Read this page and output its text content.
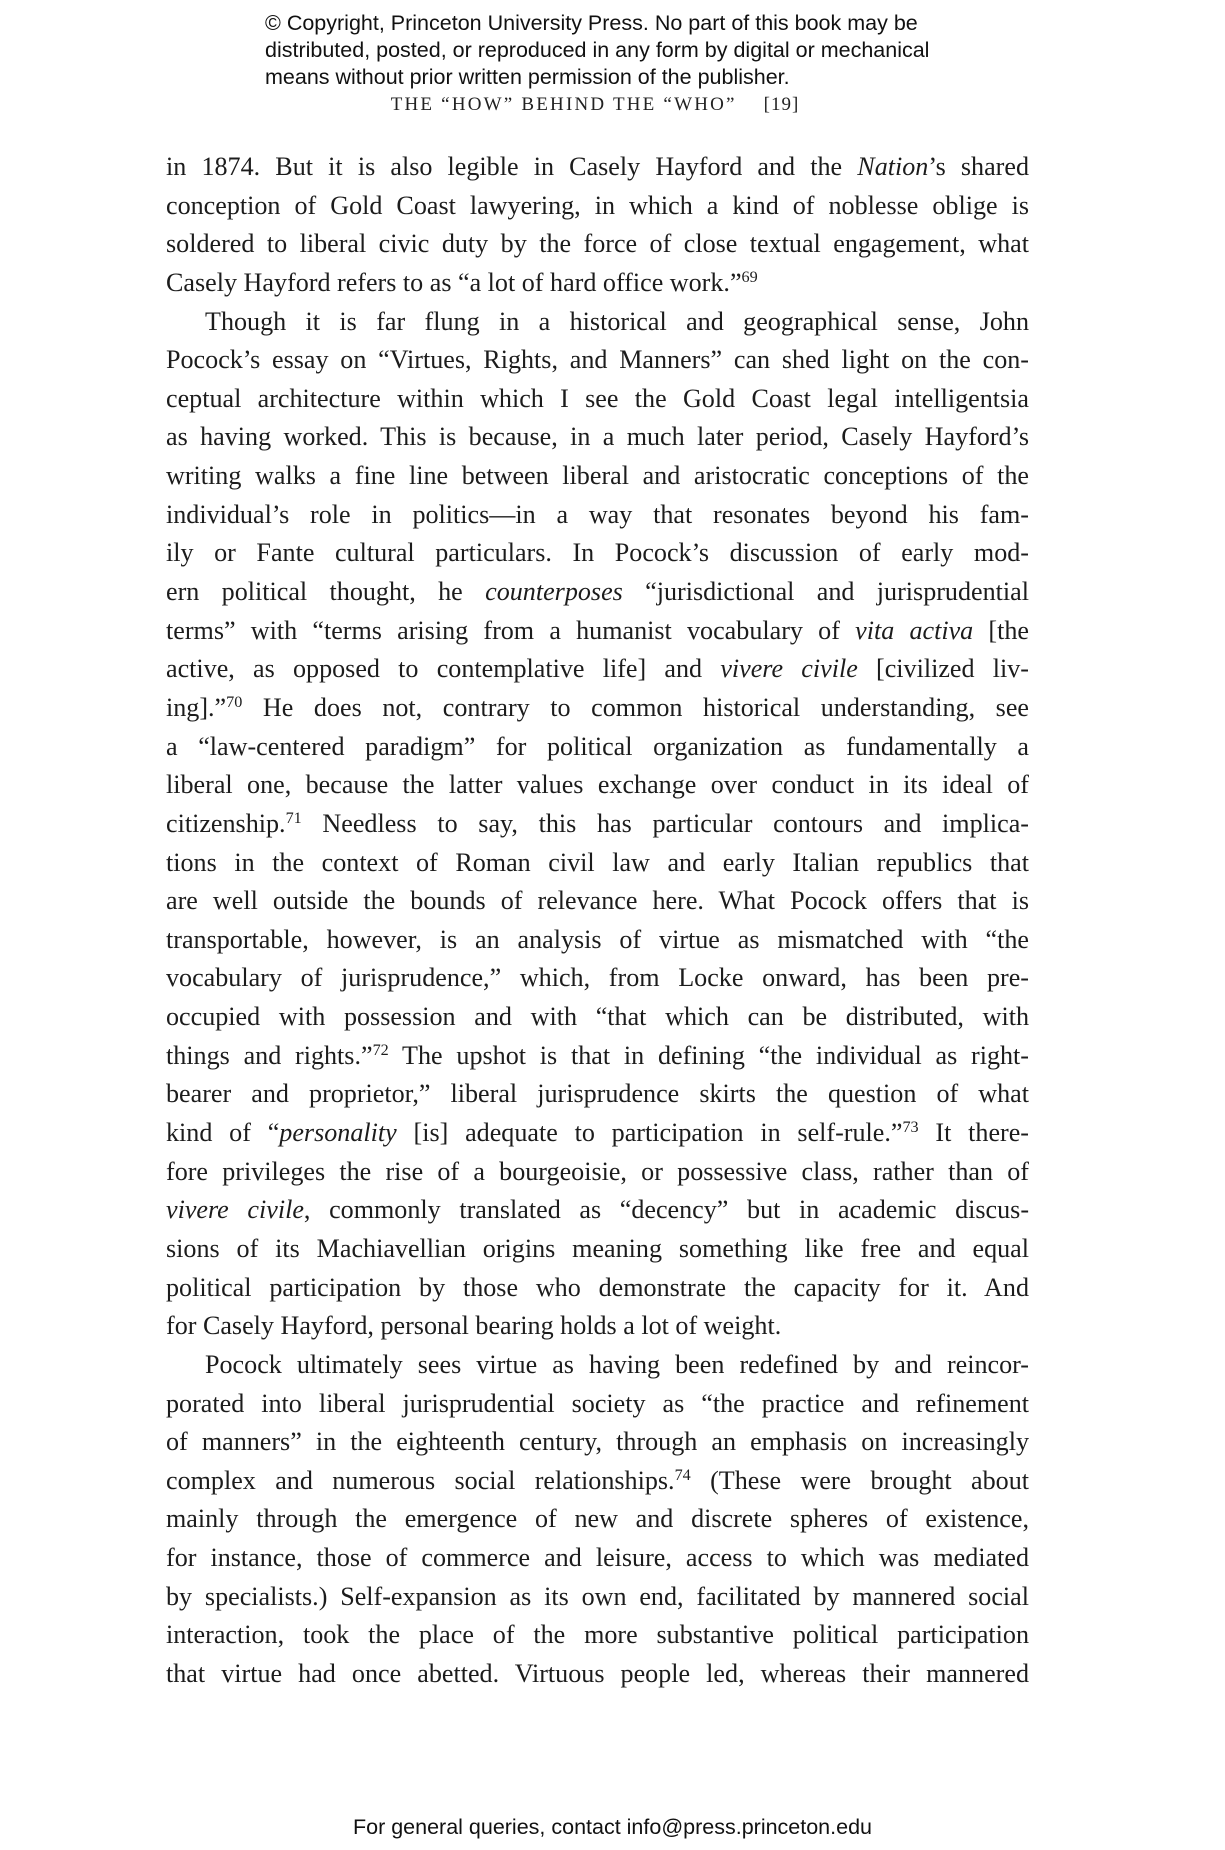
© Copyright, Princeton University Press. No part of this book may be
distributed, posted, or reproduced in any form by digital or mechanical
means without prior written permission of the publisher.
THE “HOW” BEHIND THE “WHO” [19]
in 1874. But it is also legible in Casely Hayford and the Nation’s shared
conception of Gold Coast lawyering, in which a kind of noblesse oblige is
soldered to liberal civic duty by the force of close textual engagement, what
Casely Hayford refers to as “a lot of hard office work.”$^{69}$
Though it is far flung in a historical and geographical sense, John
Pocock’s essay on “Virtues, Rights, and Manners” can shed light on the con-
ceptual architecture within which I see the Gold Coast legal intelligentsia
as having worked. This is because, in a much later period, Casely Hayford’s
writing walks a fine line between liberal and aristocratic conceptions of the
individual’s role in politics—in a way that resonates beyond his fam-
ily or Fante cultural particulars. In Pocock’s discussion of early mod-
ern political thought, he counterposes “jurisdictional and jurisprudential
terms” with “terms arising from a humanist vocabulary of vita activa [the
active, as opposed to contemplative life] and vivere civile [civilized liv-
ing].”$^{70}$ He does not, contrary to common historical understanding, see
a “law-centered paradigm” for political organization as fundamentally a
liberal one, because the latter values exchange over conduct in its ideal of
citizenship.$^{71}$ Needless to say, this has particular contours and implica-
tions in the context of Roman civil law and early Italian republics that
are well outside the bounds of relevance here. What Pocock offers that is
transportable, however, is an analysis of virtue as mismatched with “the
vocabulary of jurisprudence,” which, from Locke onward, has been pre-
occupied with possession and with “that which can be distributed, with
things and rights.”$^{72}$ The upshot is that in defining “the individual as right-
bearer and proprietor,” liberal jurisprudence skirts the question of what
kind of “personality [is] adequate to participation in self-rule.”$^{73}$ It there-
fore privileges the rise of a bourgeoisie, or possessive class, rather than of
vivere civile, commonly translated as “decency” but in academic discus-
sions of its Machiavellian origins meaning something like free and equal
political participation by those who demonstrate the capacity for it. And
for Casely Hayford, personal bearing holds a lot of weight.
Pocock ultimately sees virtue as having been redefined by and reincor-
porated into liberal jurisprudential society as “the practice and refinement
of manners” in the eighteenth century, through an emphasis on increasingly
complex and numerous social relationships.$^{74}$ (These were brought about
mainly through the emergence of new and discrete spheres of existence,
for instance, those of commerce and leisure, access to which was mediated
by specialists.) Self-expansion as its own end, facilitated by mannered social
interaction, took the place of the more substantive political participation
that virtue had once abetted. Virtuous people led, whereas their mannered
For general queries, contact info@press.princeton.edu
